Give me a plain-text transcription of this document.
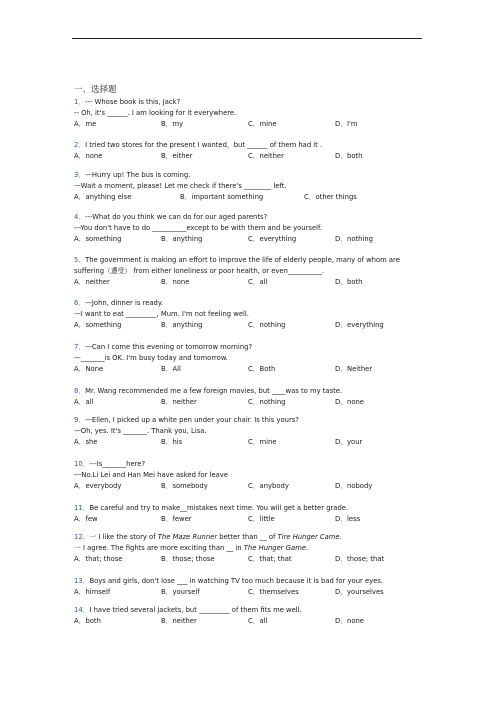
一、选择题
1．--- Whose book is this, Jack?
-- Oh, it's ______. I am looking for it everywhere.
A．me	B．my	C．mine	D．I'm
2．I tried two stores for the present I wanted，but ______ of them had it .
A．none	B．either	C．neither	D．both
3．—Hurry up! The bus is coming.
—Wait a moment, please! Let me check if there's ________ left.
A．anything else	B．important something	C．other things
4．---What do you think we can do for our aged parents?
---You don't have to do __________except to be with them and be yourself.
A．something	B．anything	C．everything	D．nothing
5．The government is making an effort to improve the life of elderly people, many of whom are
suffering（遭受） from either loneliness or poor health, or even__________.
A．neither	B．none	C．all	D．both
6．—John, dinner is ready.
—I want to eat _________, Mum. I'm not feeling well.
A．something	B．anything	C．nothing	D．everything
7．—Can I come this evening or tomorrow morning?
—_______is OK. I'm busy today and tomorrow.
A．None	B．All	C．Both	D．Neither
8．Mr. Wang recommended me a few foreign movies, but ____was to my taste.
A．all	B．neither	C．nothing	D．none
9．—Ellen, I picked up a white pen under your chair. Is this yours?
—Oh, yes. It's _______. Thank you, Lisa.
A．she	B．his	C．mine	D．your
10．---Is_______here?
---No.Li Lei and Han Mei have asked for leave
A．everybody	B．somebody	C．anybody	D．nobody
11．Be careful and try to make__mistakes next time. You will get a better grade.
A．few	B．fewer	C．little	D．less
12．一 I like the story of The Maze Runner better than __ of Tire Hunger Came.
一 I agree. The fights are more exciting than __ in The Hunger Game.
A．that; those	B．those; those	C．that; that	D．those; that
13．Boys and girls, don't lose ___ in watching TV too much because it is bad for your eyes.
A．himself	B．yourself	C．themselves	D．yourselves
14．I have tried several jackets, but _________ of them fits me well.
A．both	B．neither	C．all	D．none
